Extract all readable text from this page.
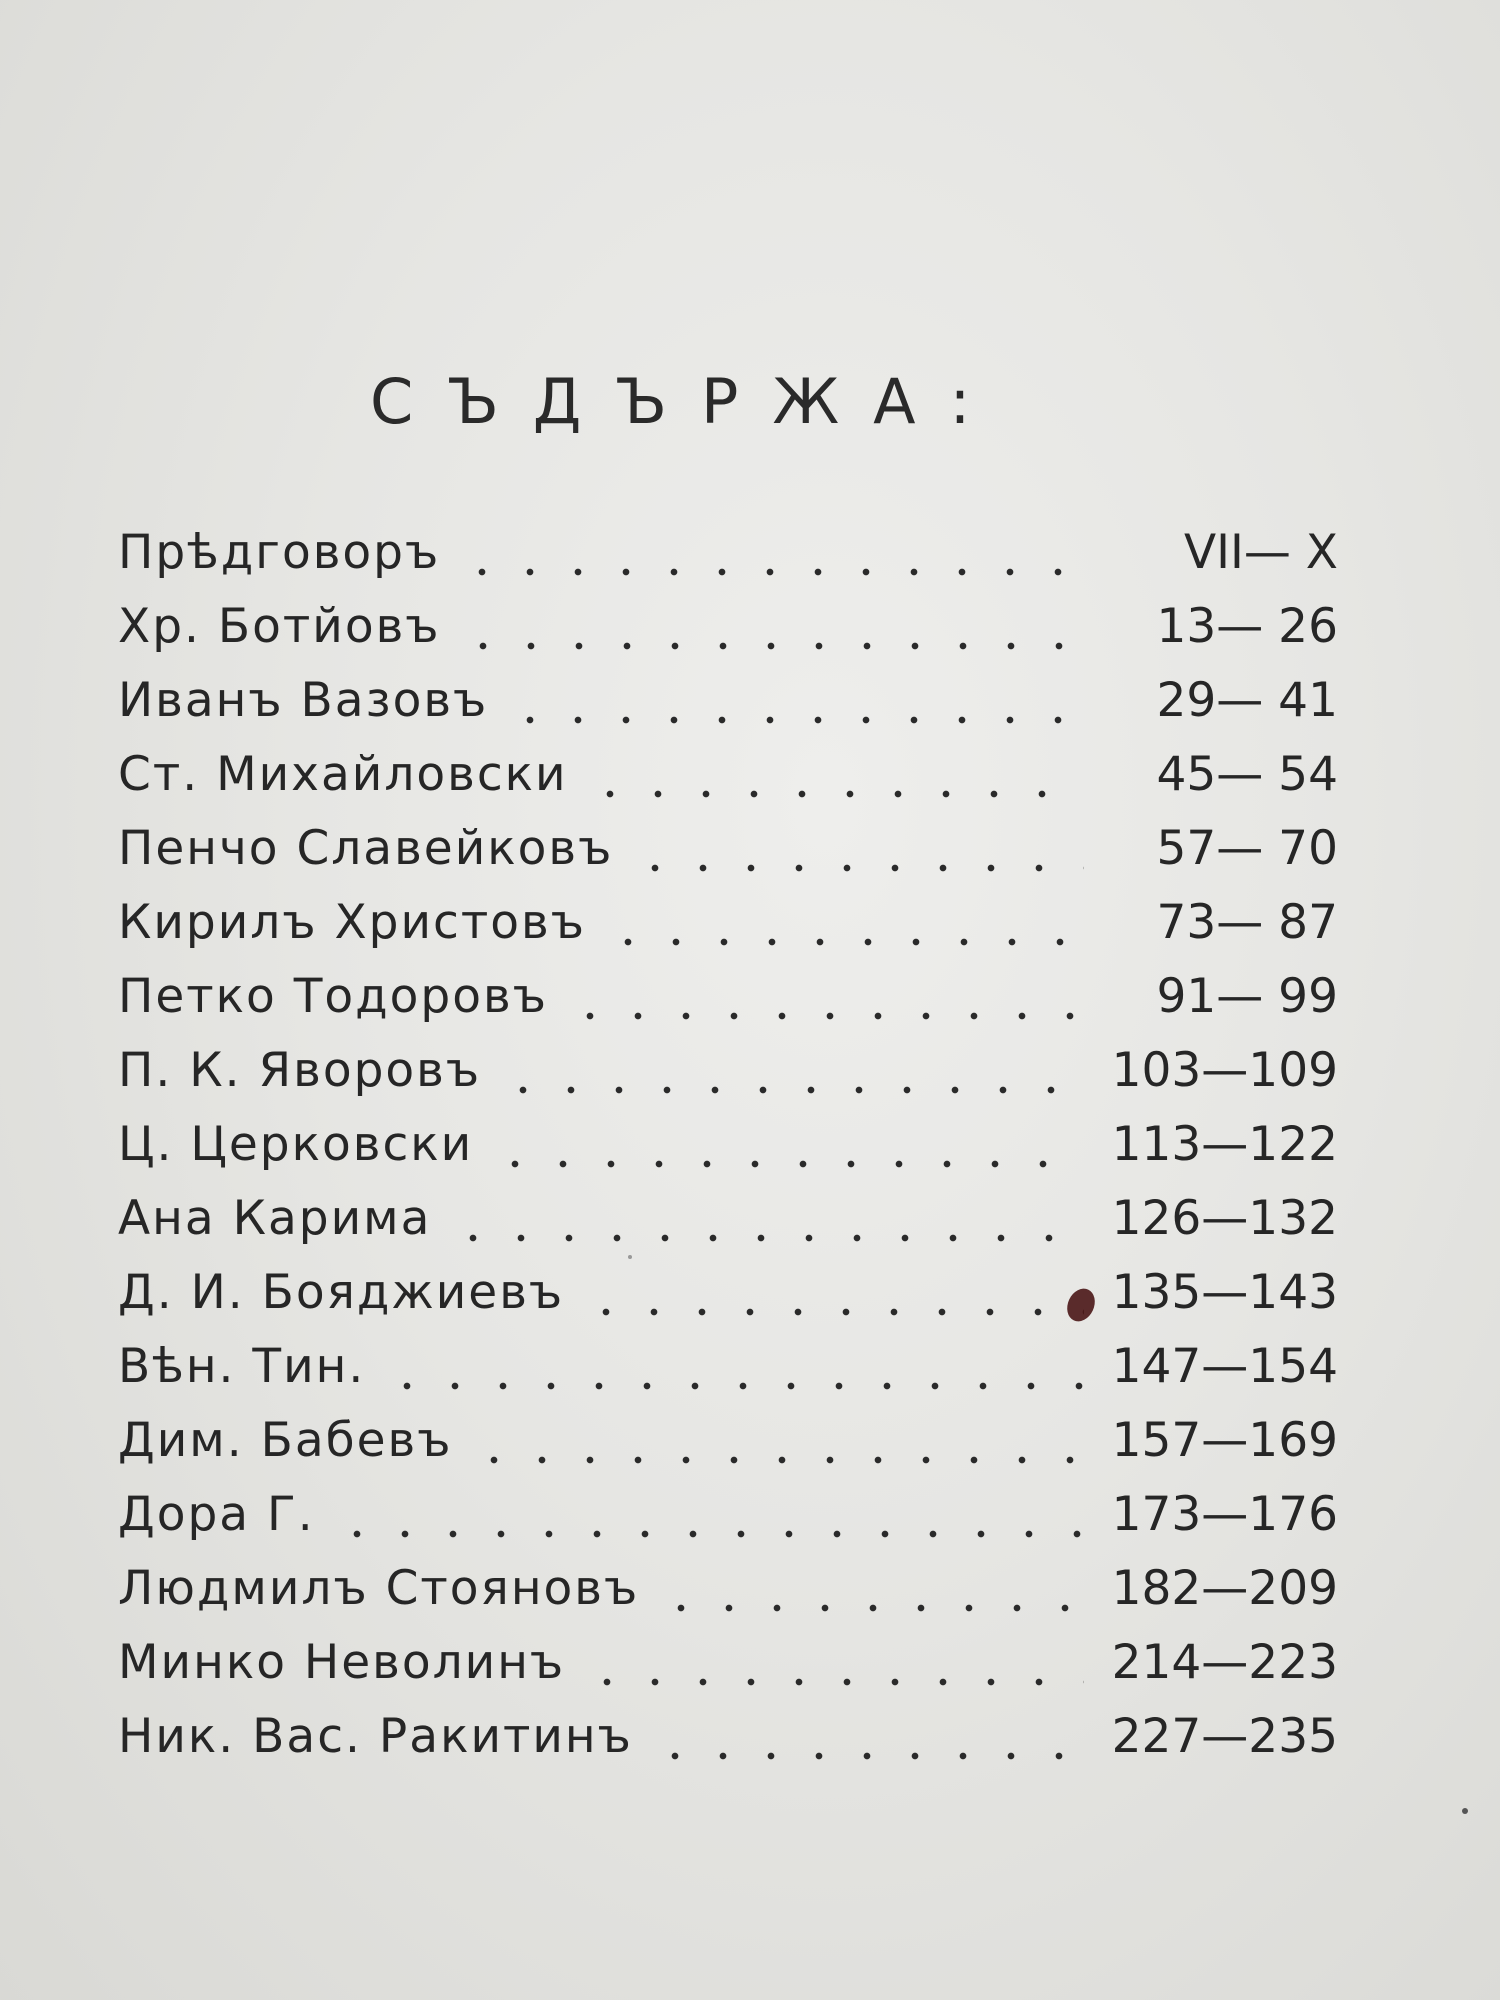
СЪДЪРЖА:
Прѣдговоръ	VII— X
Хр. Ботйовъ	13— 26
Иванъ Вазовъ	29— 41
Ст. Михайловски	45— 54
Пенчо Славейковъ	57— 70
Кирилъ Христовъ	73— 87
Петко Тодоровъ	91— 99
П. К. Яворовъ	103—109
Ц. Церковски	113—122
Ана Карима	126—132
Д. И. Бояджиевъ	135—143
Вѣн. Тин.	147—154
Дим. Бабевъ	157—169
Дора Г.	173—176
Людмилъ Стояновъ	182—209
Минко Неволинъ	214—223
Ник. Вас. Ракитинъ	227—235
